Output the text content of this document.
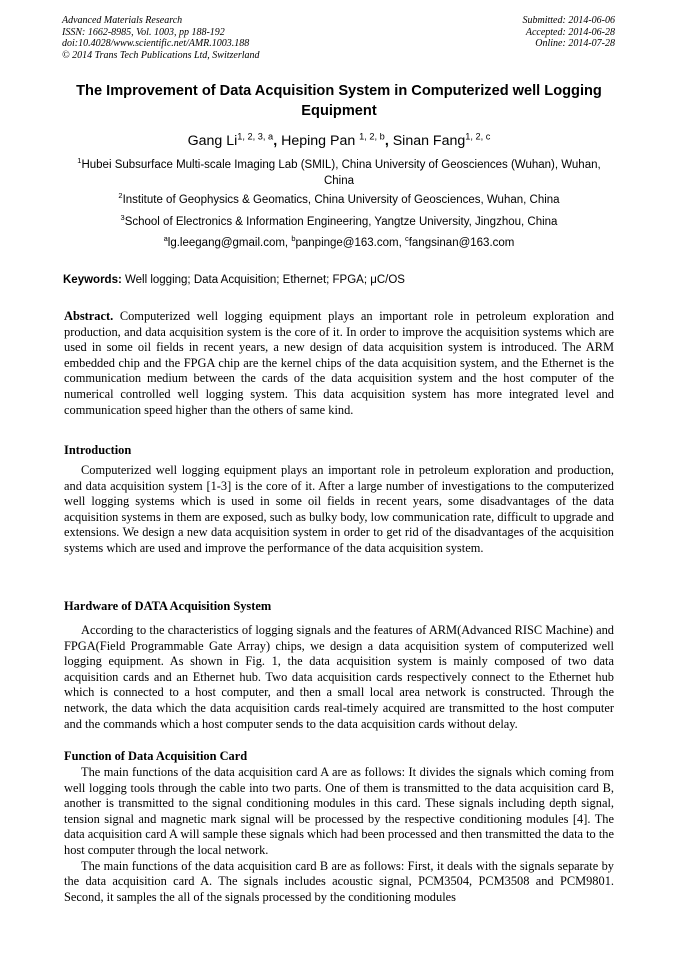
Advanced Materials Research
ISSN: 1662-8985, Vol. 1003, pp 188-192
doi:10.4028/www.scientific.net/AMR.1003.188
© 2014 Trans Tech Publications Ltd, Switzerland
Submitted: 2014-06-06
Accepted: 2014-06-28
Online: 2014-07-28
The Improvement of Data Acquisition System in Computerized well Logging Equipment
Gang Li$^{1, 2, 3, a}$, Heping Pan $^{1, 2, b}$, Sinan Fang$^{1, 2, c}$
$^1$Hubei Subsurface Multi-scale Imaging Lab (SMIL), China University of Geosciences (Wuhan), Wuhan, China
$^2$Institute of Geophysics & Geomatics, China University of Geosciences, Wuhan, China
$^3$School of Electronics & Information Engineering, Yangtze University, Jingzhou, China
$^a$lg.leegang@gmail.com, $^b$panpinge@163.com, $^c$fangsinan@163.com
Keywords: Well logging; Data Acquisition; Ethernet; FPGA; μC/OS

Abstract. Computerized well logging equipment plays an important role in petroleum exploration and production, and data acquisition system is the core of it. In order to improve the acquisition systems which are used in some oil fields in recent years, a new design of data acquisition system is introduced. The ARM embedded chip and the FPGA chip are the kernel chips of the data acquisition system, and the Ethernet is the communication medium between the cards of the data acquisition system and the host computer of the numerical controlled well logging system. This data acquisition system has more integrated level and communication speed higher than the others of same kind.

Introduction

Computerized well logging equipment plays an important role in petroleum exploration and production, and data acquisition system [1-3] is the core of it. After a large number of investigations to the computerized well logging systems which is used in some oil fields in recent years, some disadvantages of the data acquisition systems in them are exposed, such as bulky body, low communication rate, difficult to upgrade and extensions. We design a new data acquisition system in order to get rid of the disadvantages of the acquisition systems which are used and improve the performance of the data acquisition system.

Hardware of DATA Acquisition System

According to the characteristics of logging signals and the features of ARM(Advanced RISC Machine) and FPGA(Field Programmable Gate Array) chips, we design a data acquisition system of computerized well logging equipment. As shown in Fig. 1, the data acquisition system is mainly composed of two data acquisition cards and an Ethernet hub. Two data acquisition cards respectively connect to the Ethernet hub which is connected to a host computer, and then a small local area network is constructed. Through the network, the data which the data acquisition cards real-timely acquired are transmitted to the host computer and the commands which a host computer sends to the data acquisition cards without delay.

Function of Data Acquisition Card

The main functions of the data acquisition card A are as follows: It divides the signals which coming from well logging tools through the cable into two parts. One of them is transmitted to the data acquisition card B, another is transmitted to the signal conditioning modules in this card. These signals including depth signal, tension signal and magnetic mark signal will be processed by the respective conditioning modules [4]. The data acquisition card A will sample these signals which had been processed and then transmitted the data to the host computer through the local network.

The main functions of the data acquisition card B are as follows: First, it deals with the signals separate by the data acquisition card A. The signals includes acoustic signal, PCM3504, PCM3508 and PCM9801. Second, it samples the all of the signals processed by the conditioning modules
